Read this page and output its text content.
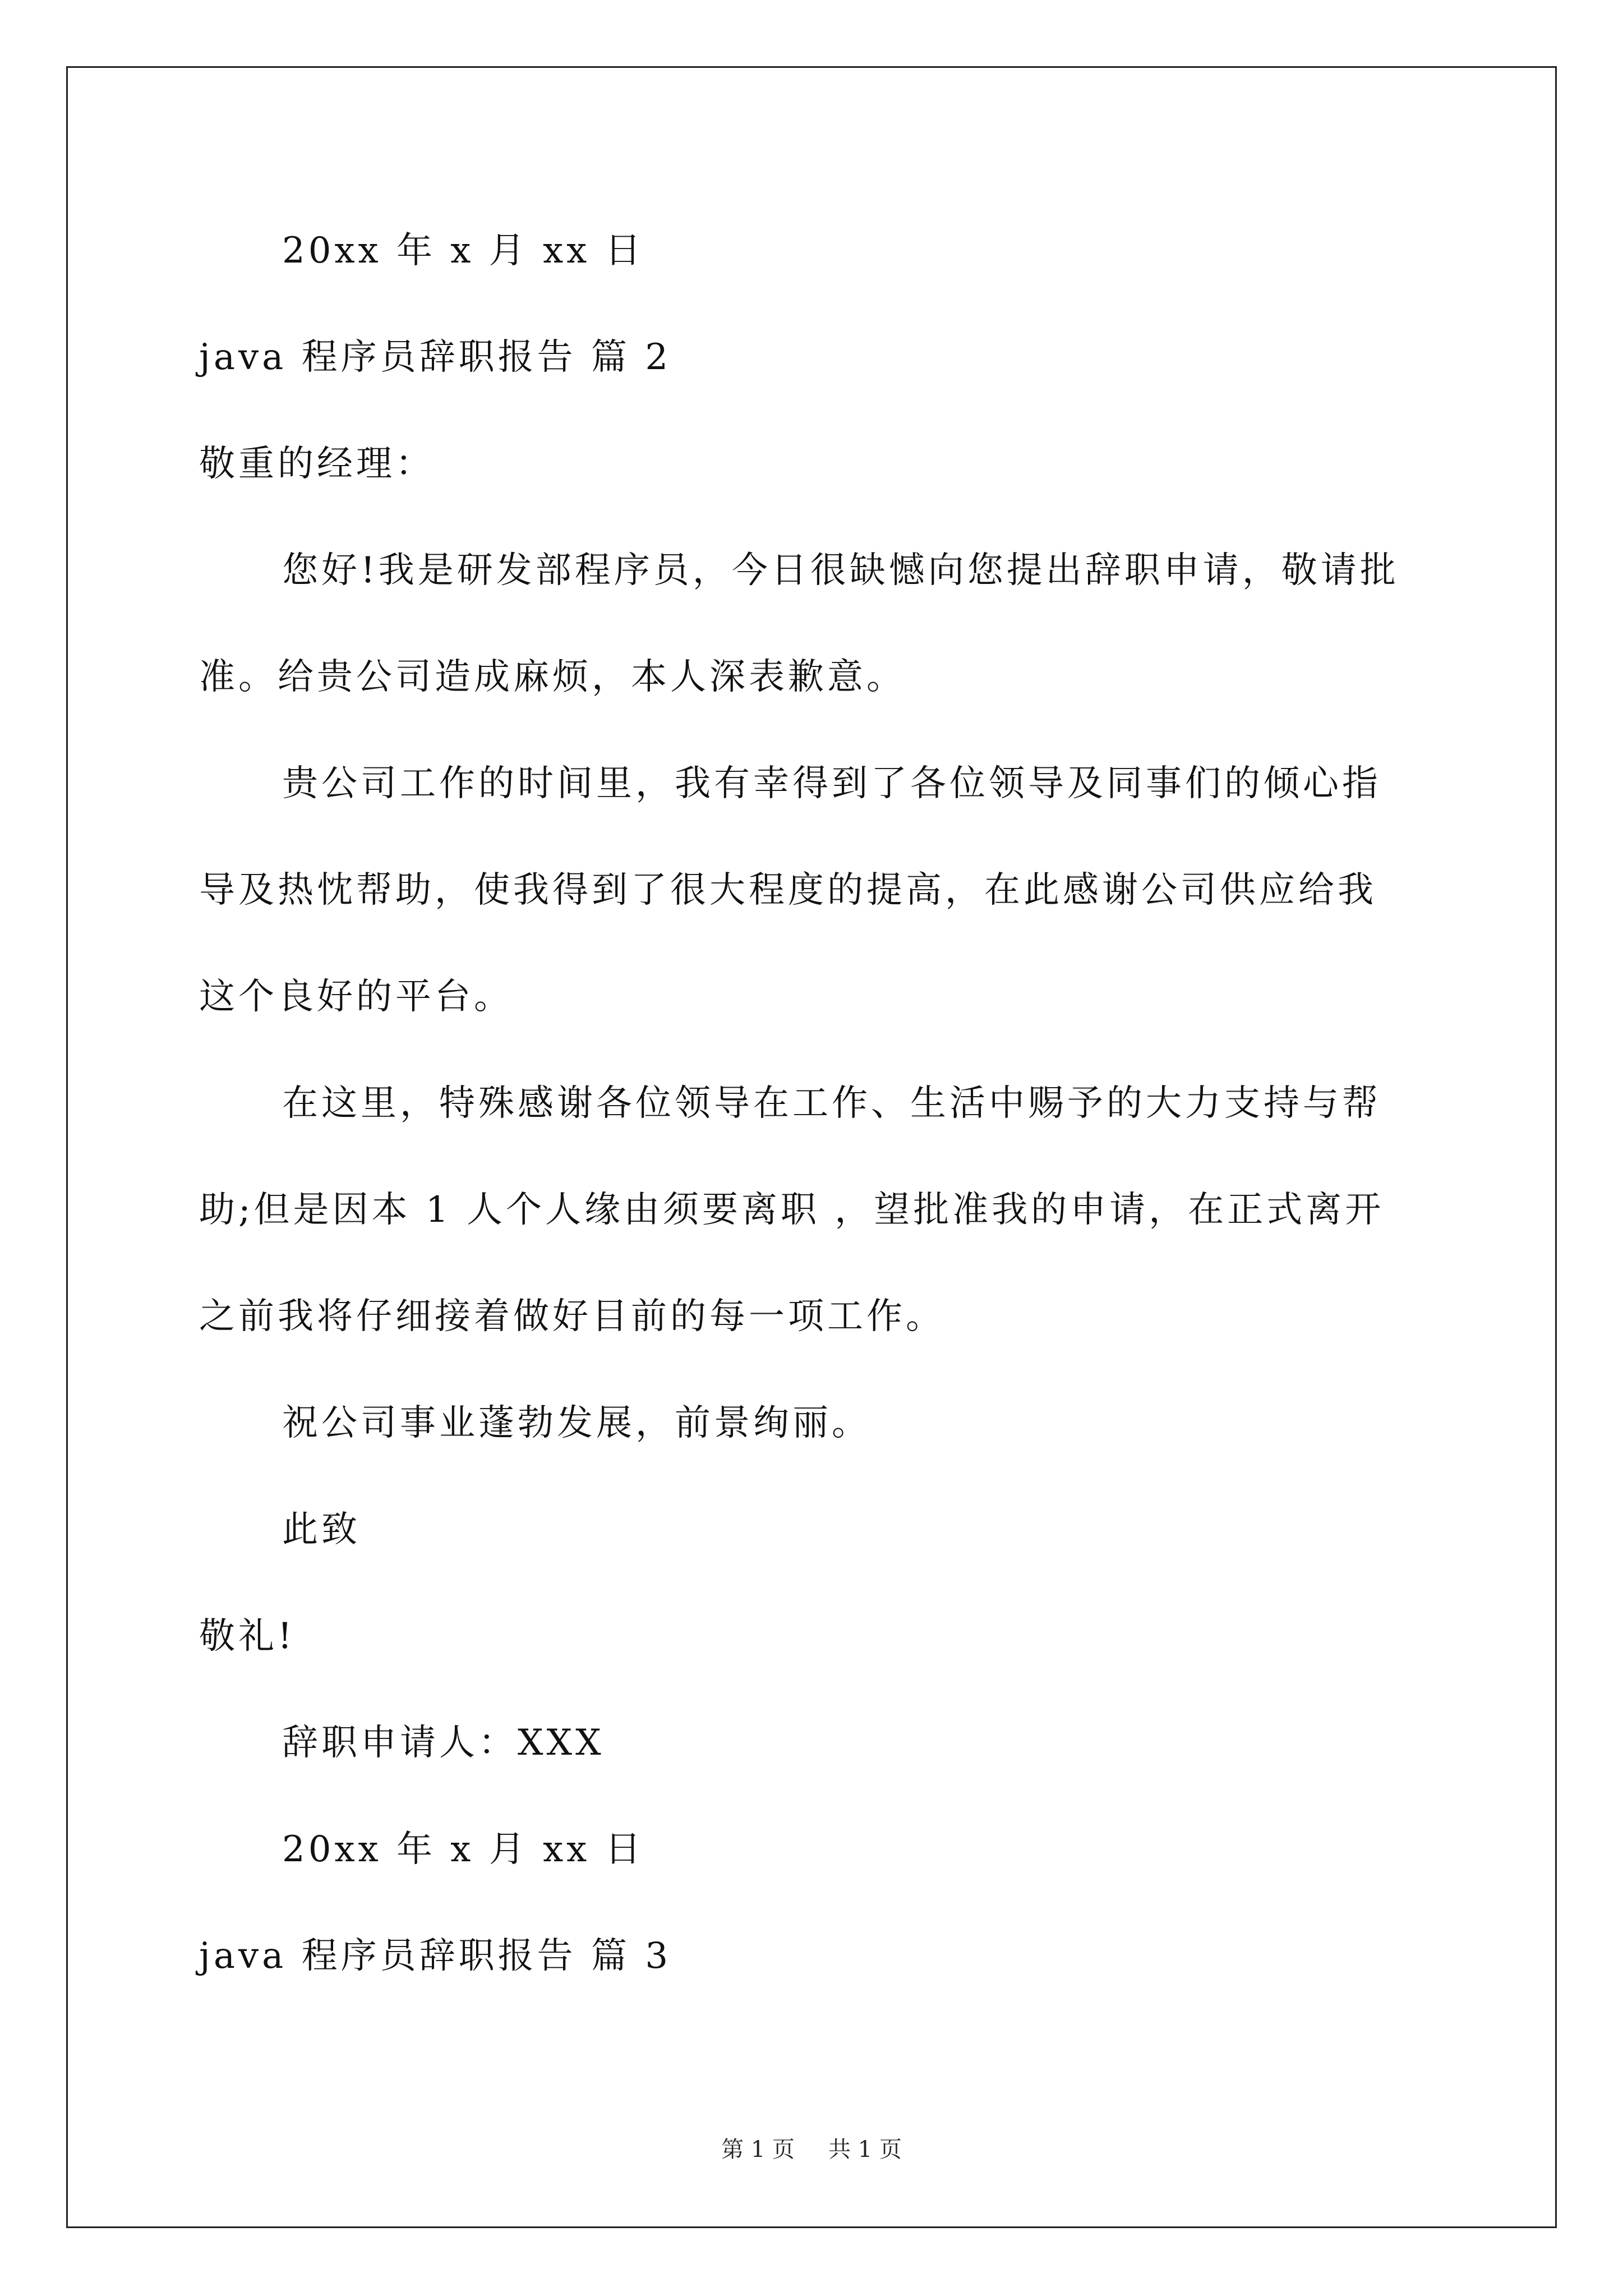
20xx 年 x 月 xx 日
java 程序员辞职报告 篇 2
敬重的经理：
您好!我是研发部程序员，今日很缺憾向您提出辞职申请，敬请批
准。给贵公司造成麻烦，本人深表歉意。
贵公司工作的时间里，我有幸得到了各位领导及同事们的倾心指
导及热忱帮助，使我得到了很大程度的提高，在此感谢公司供应给我
这个良好的平台。
在这里，特殊感谢各位领导在工作、生活中赐予的大力支持与帮
助;但是因本 1 人个人缘由须要离职 ，望批准我的申请，在正式离开
之前我将仔细接着做好目前的每一项工作。
祝公司事业蓬勃发展，前景绚丽。
此致
敬礼!
辞职申请人：XXX
20xx 年 x 月 xx 日
java 程序员辞职报告 篇 3
第 1 页 共 1 页
